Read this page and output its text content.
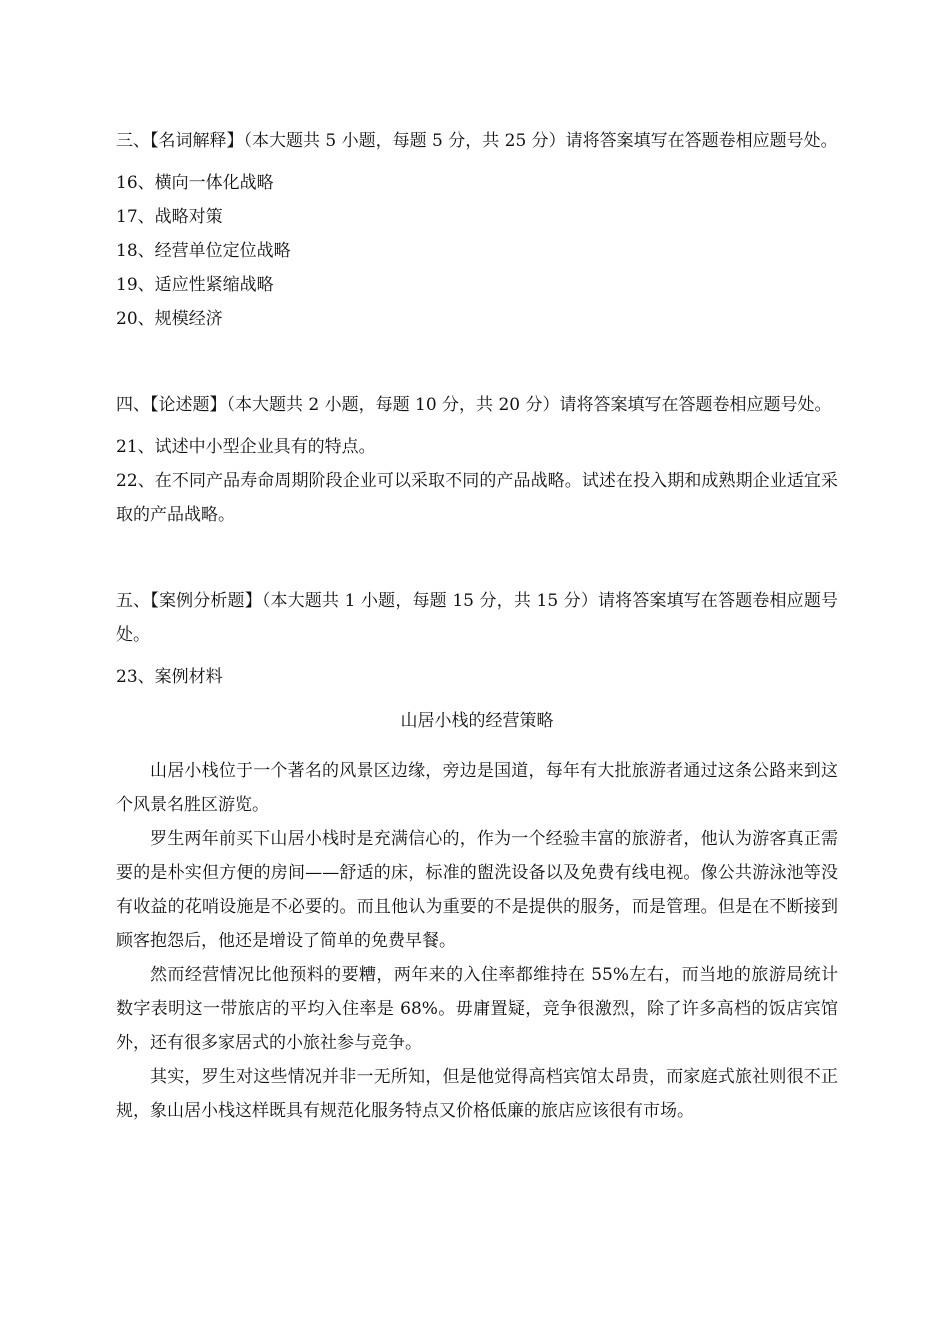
三、【名词解释】（本大题共 5 小题，每题 5 分，共 25 分）请将答案填写在答题卷相应题号处。

16、横向一体化战略

17、战略对策

18、经营单位定位战略

19、适应性紧缩战略

20、规模经济

四、【论述题】（本大题共 2 小题，每题 10 分，共 20 分）请将答案填写在答题卷相应题号处。

21、试述中小型企业具有的特点。

22、在不同产品寿命周期阶段企业可以采取不同的产品战略。试述在投入期和成熟期企业适宜采取的产品战略。

五、【案例分析题】（本大题共 1 小题，每题 15 分，共 15 分）请将答案填写在答题卷相应题号处。

23、案例材料

山居小栈的经营策略

山居小栈位于一个著名的风景区边缘，旁边是国道，每年有大批旅游者通过这条公路来到这个风景名胜区游览。

罗生两年前买下山居小栈时是充满信心的，作为一个经验丰富的旅游者，他认为游客真正需要的是朴实但方便的房间——舒适的床，标准的盥洗设备以及免费有线电视。像公共游泳池等没有收益的花哨设施是不必要的。而且他认为重要的不是提供的服务，而是管理。但是在不断接到顾客抱怨后，他还是增设了简单的免费早餐。

然而经营情况比他预料的要糟，两年来的入住率都维持在 55%左右，而当地的旅游局统计数字表明这一带旅店的平均入住率是 68%。毋庸置疑，竞争很激烈，除了许多高档的饭店宾馆外，还有很多家居式的小旅社参与竞争。

其实，罗生对这些情况并非一无所知，但是他觉得高档宾馆太昂贵，而家庭式旅社则很不正规，象山居小栈这样既具有规范化服务特点又价格低廉的旅店应该很有市场。
